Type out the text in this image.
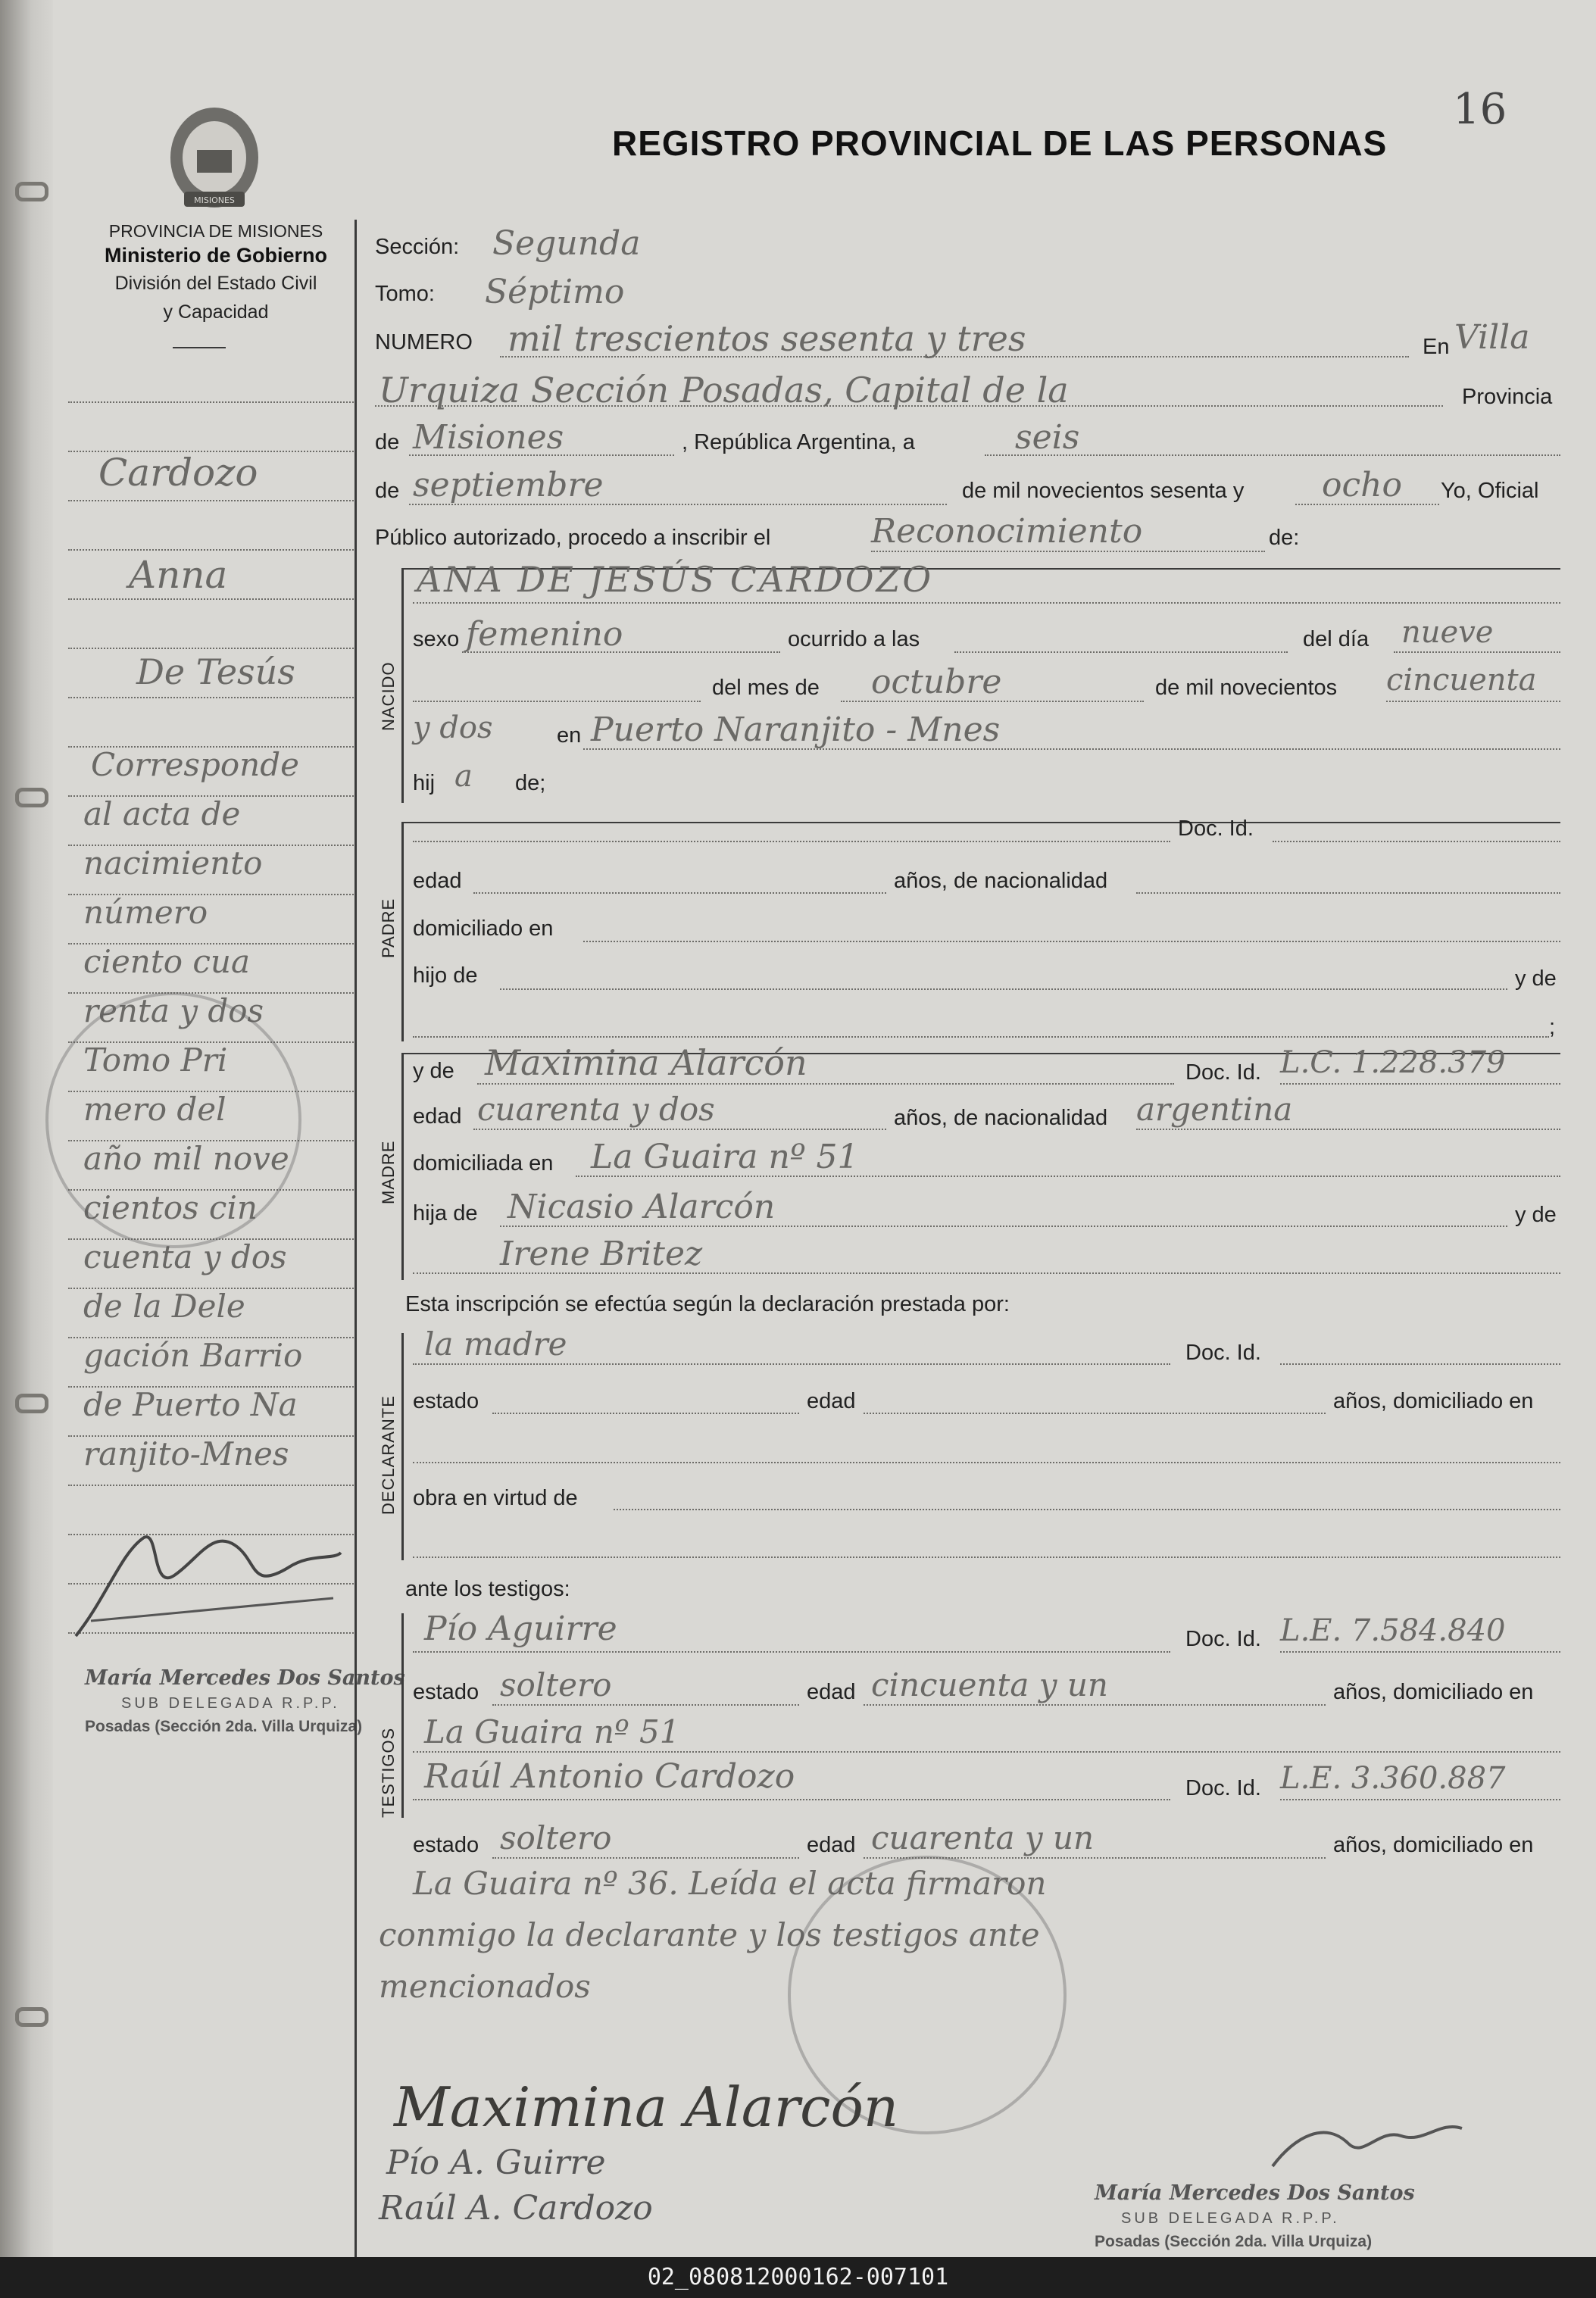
MISIONES
PROVINCIA DE MISIONES
Ministerio de Gobierno
División del Estado Civil
y Capacidad
REGISTRO PROVINCIAL DE LAS PERSONAS
16
Cardozo
Anna
De Tesús
Corresponde
al acta de
nacimiento
número
ciento cua
renta y dos
Tomo Pri
mero del
año mil nove
cientos cin
cuenta y dos
de la Dele
gación Barrio
de Puerto Na
ranjito-Mnes
María Mercedes Dos Santos
SUB DELEGADA R.P.P.
Posadas (Sección 2da. Villa Urquiza)
Sección: Segunda
Tomo: Séptimo
NUMERO mil trescientos sesenta y tres	En Villa
Urquiza Sección Posadas, Capital de la	Provincia
de Misiones	, República Argentina, a	seis
de septiembre	de mil novecientos sesenta y ocho Yo, Oficial
Público autorizado, procedo a inscribir el	Reconocimiento	de:
NACIDO
ANA DE JESÚS CARDOZO
sexo femenino	ocurrido a las	del día nueve
del mes de octubre	de mil novecientos cincuenta
y dos	en Puerto Naranjito - Mnes
hij a de;
PADRE
Doc. Id.
edad	años, de nacionalidad
domiciliado en
hijo de	y de
;
MADRE
y de Maximina Alarcón	Doc. Id. L.C. 1.228.379
edad cuarenta y dos	años, de nacionalidad argentina
domiciliada en La Guaira nº 51
hija de Nicasio Alarcón	y de
Irene Britez
Esta inscripción se efectúa según la declaración prestada por:
DECLARANTE
la madre	Doc. Id.
estado	edad	años, domiciliado en
obra en virtud de
ante los testigos:
TESTIGOS
Pío Aguirre	Doc. Id. L.E. 7.584.840
estado soltero	edad cincuenta y un	años, domiciliado en
La Guaira nº 51
Raúl Antonio Cardozo	Doc. Id. L.E. 3.360.887
estado soltero	edad cuarenta y un	años, domiciliado en
La Guaira nº 36. Leída el acta firmaron
conmigo la declarante y los testigos ante
mencionados
Maximina Alarcón
Pío A. Guirre
Raúl A. Cardozo	María Mercedes Dos Santos
SUB DELEGADA R.P.P.
Posadas (Sección 2da. Villa Urquiza)
02_080812000162-007101
